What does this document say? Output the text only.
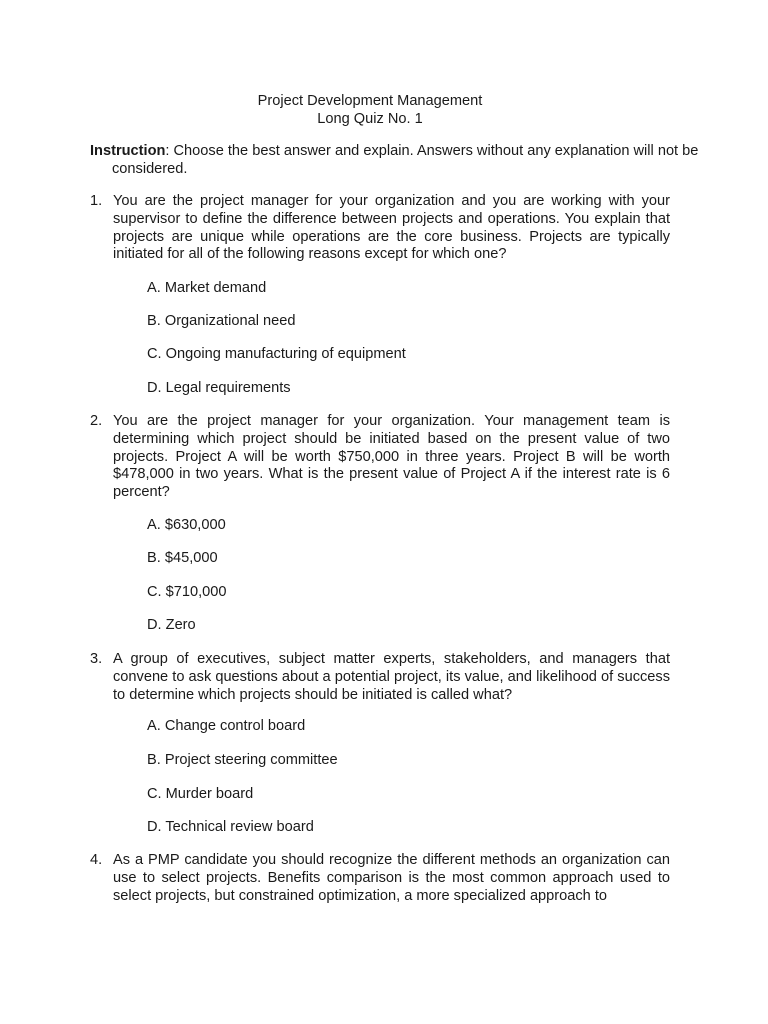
Project Development Management
Long Quiz No. 1
Instruction: Choose the best answer and explain. Answers without any explanation will not be considered.
1. You are the project manager for your organization and you are working with your supervisor to define the difference between projects and operations. You explain that projects are unique while operations are the core business. Projects are typically initiated for all of the following reasons except for which one?
A. Market demand
B. Organizational need
C. Ongoing manufacturing of equipment
D. Legal requirements
2. You are the project manager for your organization. Your management team is determining which project should be initiated based on the present value of two projects. Project A will be worth $750,000 in three years. Project B will be worth $478,000 in two years. What is the present value of Project A if the interest rate is 6 percent?
A. $630,000
B. $45,000
C. $710,000
D. Zero
3. A group of executives, subject matter experts, stakeholders, and managers that convene to ask questions about a potential project, its value, and likelihood of success to determine which projects should be initiated is called what?
A. Change control board
B. Project steering committee
C. Murder board
D. Technical review board
4. As a PMP candidate you should recognize the different methods an organization can use to select projects. Benefits comparison is the most common approach used to select projects, but constrained optimization, a more specialized approach to
